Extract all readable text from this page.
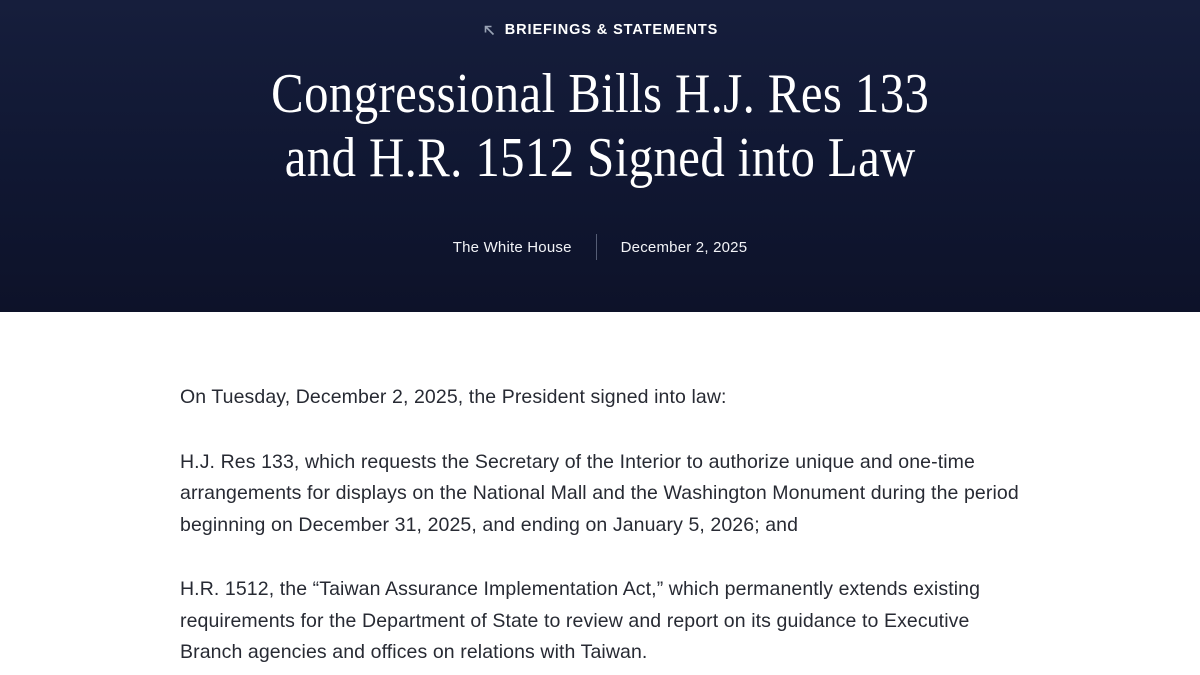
BRIEFINGS & STATEMENTS
Congressional Bills H.J. Res 133
and H.R. 1512 Signed into Law
The White House	December 2, 2025

On Tuesday, December 2, 2025, the President signed into law:

H.J. Res 133, which requests the Secretary of the Interior to authorize unique and one-time arrangements for displays on the National Mall and the Washington Monument during the period beginning on December 31, 2025, and ending on January 5, 2026; and

H.R. 1512, the “Taiwan Assurance Implementation Act,” which permanently extends existing requirements for the Department of State to review and report on its guidance to Executive Branch agencies and offices on relations with Taiwan.
